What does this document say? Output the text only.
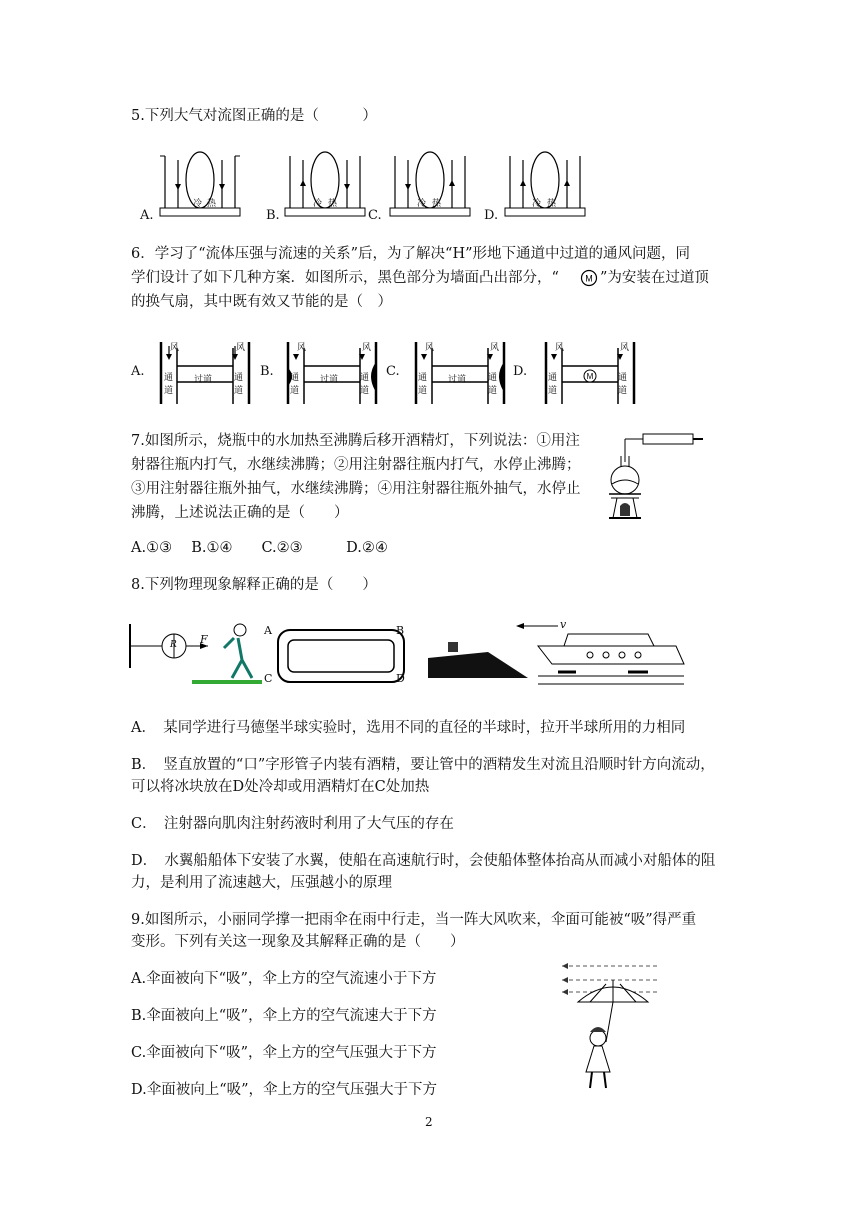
5.下列大气对流图正确的是（　　　）
A.	B.	C.	D.
冷 热	冷 热	冷 热	冷 热
6．学习了“流体压强与流速的关系”后，为了解决“H”形地下通道中过道的通风问题，同
学们设计了如下几种方案．如图所示，黑色部分为墙面凸出部分，“	M ”为安装在过道顶
的换气扇，其中既有效又节能的是（　）
A.	B.	C.	D.
风	风
通道
通道
过道
风	风
通道
通道
过道
风	风
通道
通道
过道	M
风	风
通道
通道
7.如图所示，烧瓶中的水加热至沸腾后移开酒精灯，下列说法：①用注
射器往瓶内打气，水继续沸腾；②用注射器往瓶内打气，水停止沸腾；
③用注射器往瓶外抽气，水继续沸腾；④用注射器往瓶外抽气，水停止
沸腾，上述说法正确的是（　　）
A.①③　 B.①④　　C.②③　　　D.②④
8.下列物理现象解释正确的是（　　）
F
R
A	B
C	D
v
A．　某同学进行马德堡半球实验时，选用不同的直径的半球时，拉开半球所用的力相同
B．　竖直放置的“口”字形管子内装有酒精，要让管中的酒精发生对流且沿顺时针方向流动，
可以将冰块放在D处冷却或用酒精灯在C处加热
C．　注射器向肌肉注射药液时利用了大气压的存在
D．　水翼船船体下安装了水翼，使船在高速航行时，会使船体整体抬高从而减小对船体的阻
力，是利用了流速越大，压强越小的原理
9.如图所示，小丽同学撑一把雨伞在雨中行走，当一阵大风吹来，伞面可能被“吸”得严重
变形。下列有关这一现象及其解释正确的是（　　）
A.伞面被向下“吸”，伞上方的空气流速小于下方
B.伞面被向上“吸”，伞上方的空气流速大于下方
C.伞面被向下“吸”，伞上方的空气压强大于下方
D.伞面被向上“吸”，伞上方的空气压强大于下方
2
